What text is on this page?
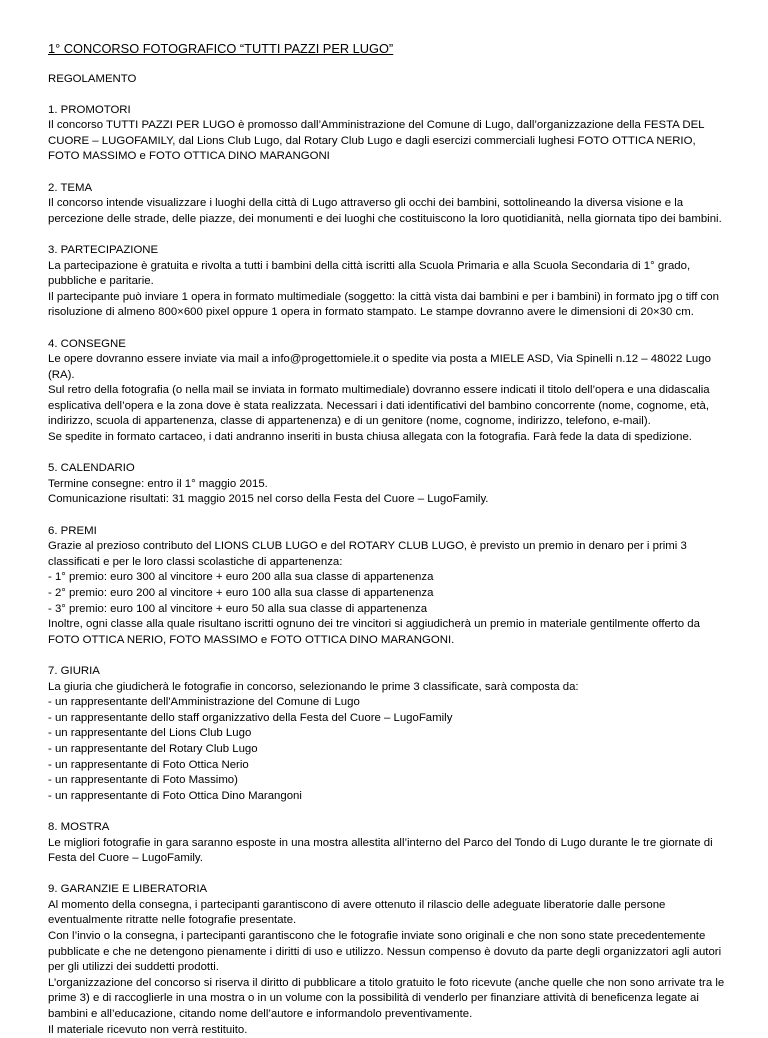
1° CONCORSO FOTOGRAFICO “TUTTI PAZZI PER LUGO”
REGOLAMENTO
1. PROMOTORI
Il concorso TUTTI PAZZI PER LUGO è promosso dall’Amministrazione del Comune di Lugo, dall’organizzazione della FESTA DEL CUORE – LUGOFAMILY, dal Lions Club Lugo, dal Rotary Club Lugo e dagli esercizi commerciali lughesi FOTO OTTICA NERIO, FOTO MASSIMO e FOTO OTTICA DINO MARANGONI
2. TEMA
Il concorso intende visualizzare i luoghi della città di Lugo attraverso gli occhi dei bambini, sottolineando la diversa visione e la percezione delle strade, delle piazze, dei monumenti e dei luoghi che costituiscono la loro quotidianità, nella giornata tipo dei bambini.
3. PARTECIPAZIONE
La partecipazione è gratuita e rivolta a tutti i bambini della città iscritti alla Scuola Primaria e alla Scuola Secondaria di 1° grado, pubbliche e paritarie.
Il partecipante può inviare 1 opera in formato multimediale (soggetto: la città vista dai bambini e per i bambini) in formato jpg o tiff con risoluzione di almeno 800×600 pixel oppure 1 opera in formato stampato. Le stampe dovranno avere le dimensioni di 20×30 cm.
4. CONSEGNE
Le opere dovranno essere inviate via mail a info@progettomiele.it o spedite via posta a MIELE ASD, Via Spinelli n.12 – 48022 Lugo (RA).
Sul retro della fotografia (o nella mail se inviata in formato multimediale) dovranno essere indicati il titolo dell’opera e una didascalia esplicativa dell’opera e la zona dove è stata realizzata. Necessari i dati identificativi del bambino concorrente (nome, cognome, età, indirizzo, scuola di appartenenza, classe di appartenenza) e di un genitore (nome, cognome, indirizzo, telefono, e-mail).
Se spedite in formato cartaceo, i dati andranno inseriti in busta chiusa allegata con la fotografia. Farà fede la data di spedizione.
5. CALENDARIO
Termine consegne: entro il 1° maggio 2015.
Comunicazione risultati: 31 maggio 2015 nel corso della Festa del Cuore – LugoFamily.
6. PREMI
Grazie al prezioso contributo del LIONS CLUB LUGO e del ROTARY CLUB LUGO, è previsto un premio in denaro per i primi 3 classificati e per le loro classi scolastiche di appartenenza:
- 1° premio: euro 300 al vincitore + euro 200 alla sua classe di appartenenza
- 2° premio: euro 200 al vincitore + euro 100 alla sua classe di appartenenza
- 3° premio: euro 100 al vincitore + euro 50 alla sua classe di appartenenza
Inoltre, ogni classe alla quale risultano iscritti ognuno dei tre vincitori si aggiudicherà un premio in materiale gentilmente offerto da FOTO OTTICA NERIO, FOTO MASSIMO e FOTO OTTICA DINO MARANGONI.
7. GIURIA
La giuria che giudicherà le fotografie in concorso, selezionando le prime 3 classificate, sarà composta da:
- un rappresentante dell'Amministrazione del Comune di Lugo
- un rappresentante dello staff organizzativo della Festa del Cuore – LugoFamily
- un rappresentante del Lions Club Lugo
- un rappresentante del Rotary Club Lugo
- un rappresentante di Foto Ottica Nerio
- un rappresentante di Foto Massimo)
- un rappresentante di Foto Ottica Dino Marangoni
8. MOSTRA
Le migliori fotografie in gara saranno esposte in una mostra allestita all’interno del Parco del Tondo di Lugo durante le tre giornate di Festa del Cuore – LugoFamily.
9. GARANZIE E LIBERATORIA
Al momento della consegna, i partecipanti garantiscono di avere ottenuto il rilascio delle adeguate liberatorie dalle persone eventualmente ritratte nelle fotografie presentate.
Con l’invio o la consegna, i partecipanti garantiscono che le fotografie inviate sono originali e che non sono state precedentemente pubblicate e che ne detengono pienamente i diritti di uso e utilizzo. Nessun compenso è dovuto da parte degli organizzatori agli autori per gli utilizzi dei suddetti prodotti.
L’organizzazione del concorso si riserva il diritto di pubblicare a titolo gratuito le foto ricevute (anche quelle che non sono arrivate tra le prime 3) e di raccoglierle in una mostra o in un volume con la possibilità di venderlo per finanziare attività di beneficenza legate ai bambini e all’educazione, citando nome dell’autore e informandolo preventivamente.
Il materiale ricevuto non verrà restituito.
